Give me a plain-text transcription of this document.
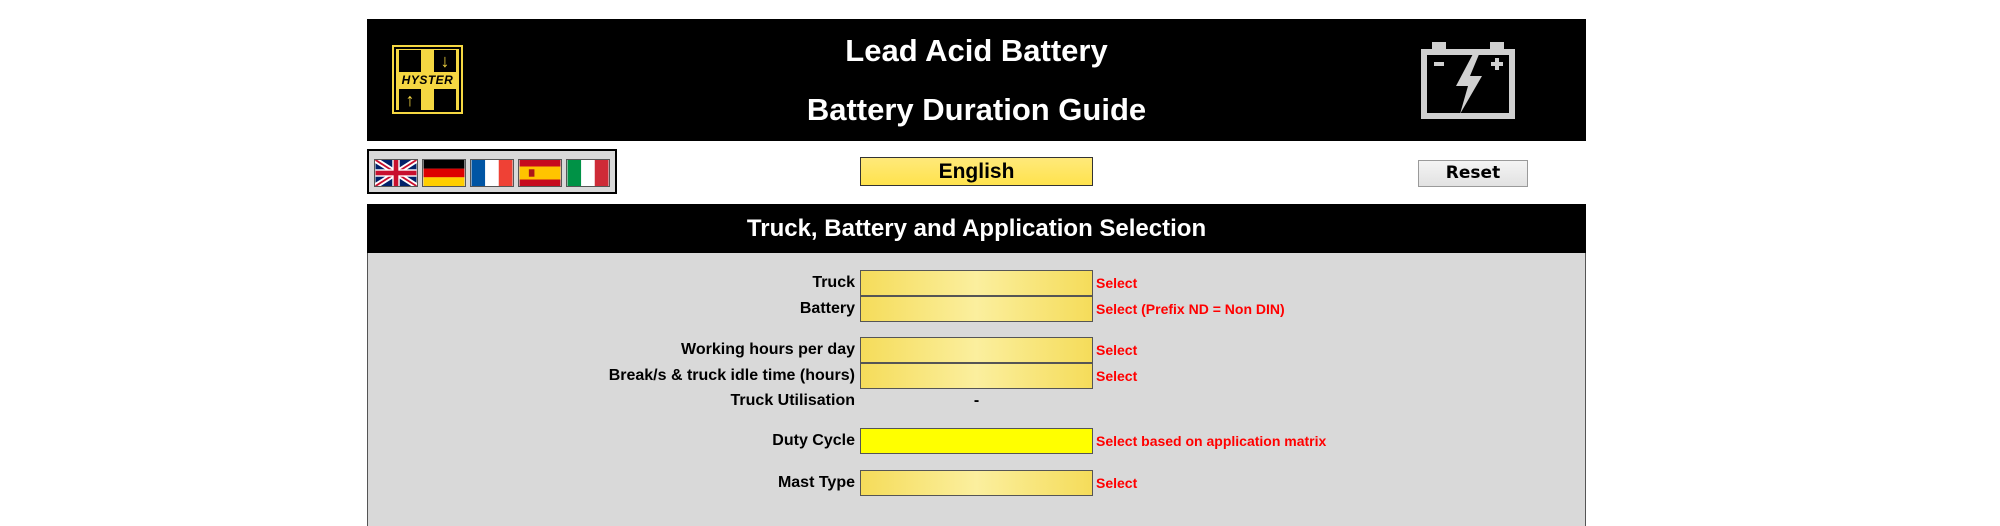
↓
↑
HYSTER
Lead Acid Battery
Battery Duration Guide
English	Reset
Truck, Battery and Application Selection
Truck	Select
Battery	Select (Prefix ND = Non DIN)
Working hours per day	Select
Break/s & truck idle time (hours)	Select
Truck Utilisation	-
Duty Cycle	Select based on application matrix
Mast Type	Select
